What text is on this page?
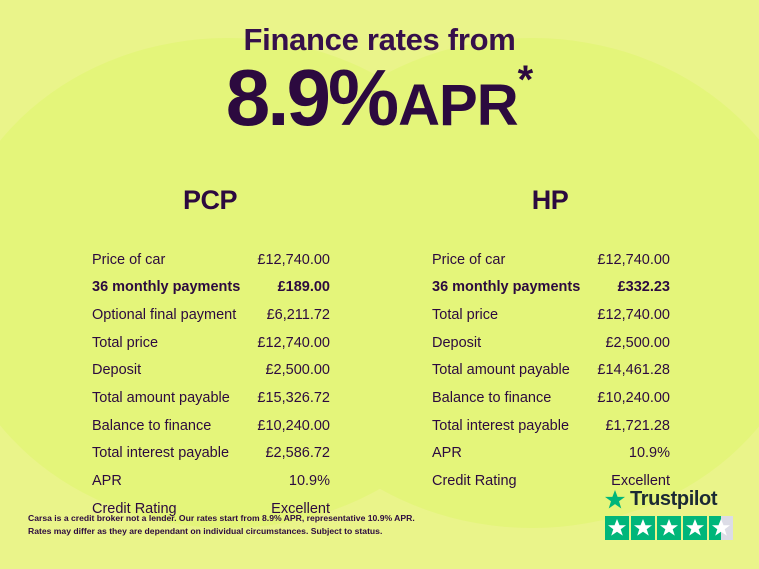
Finance rates from
8.9%APR*
PCP
Price of car	£12,740.00
36 monthly payments	£189.00
Optional final payment £6,211.72
Total price	£12,740.00
Deposit	£2,500.00
Total amount payable £15,326.72
Balance to finance	£10,240.00
Total interest payable	£2,586.72
APR	10.9%
Credit Rating	Excellent
HP
Price of car	£12,740.00
36 monthly payments	£332.23
Total price	£12,740.00
Deposit	£2,500.00
Total amount payable £14,461.28
Balance to finance	£10,240.00
Total interest payable	£1,721.28
APR	10.9%
Credit Rating	Excellent
Carsa is a credit broker not a lender. Our rates start from 8.9% APR, representative 10.9% APR.
Rates may differ as they are dependant on individual circumstances. Subject to status.
Trustpilot
